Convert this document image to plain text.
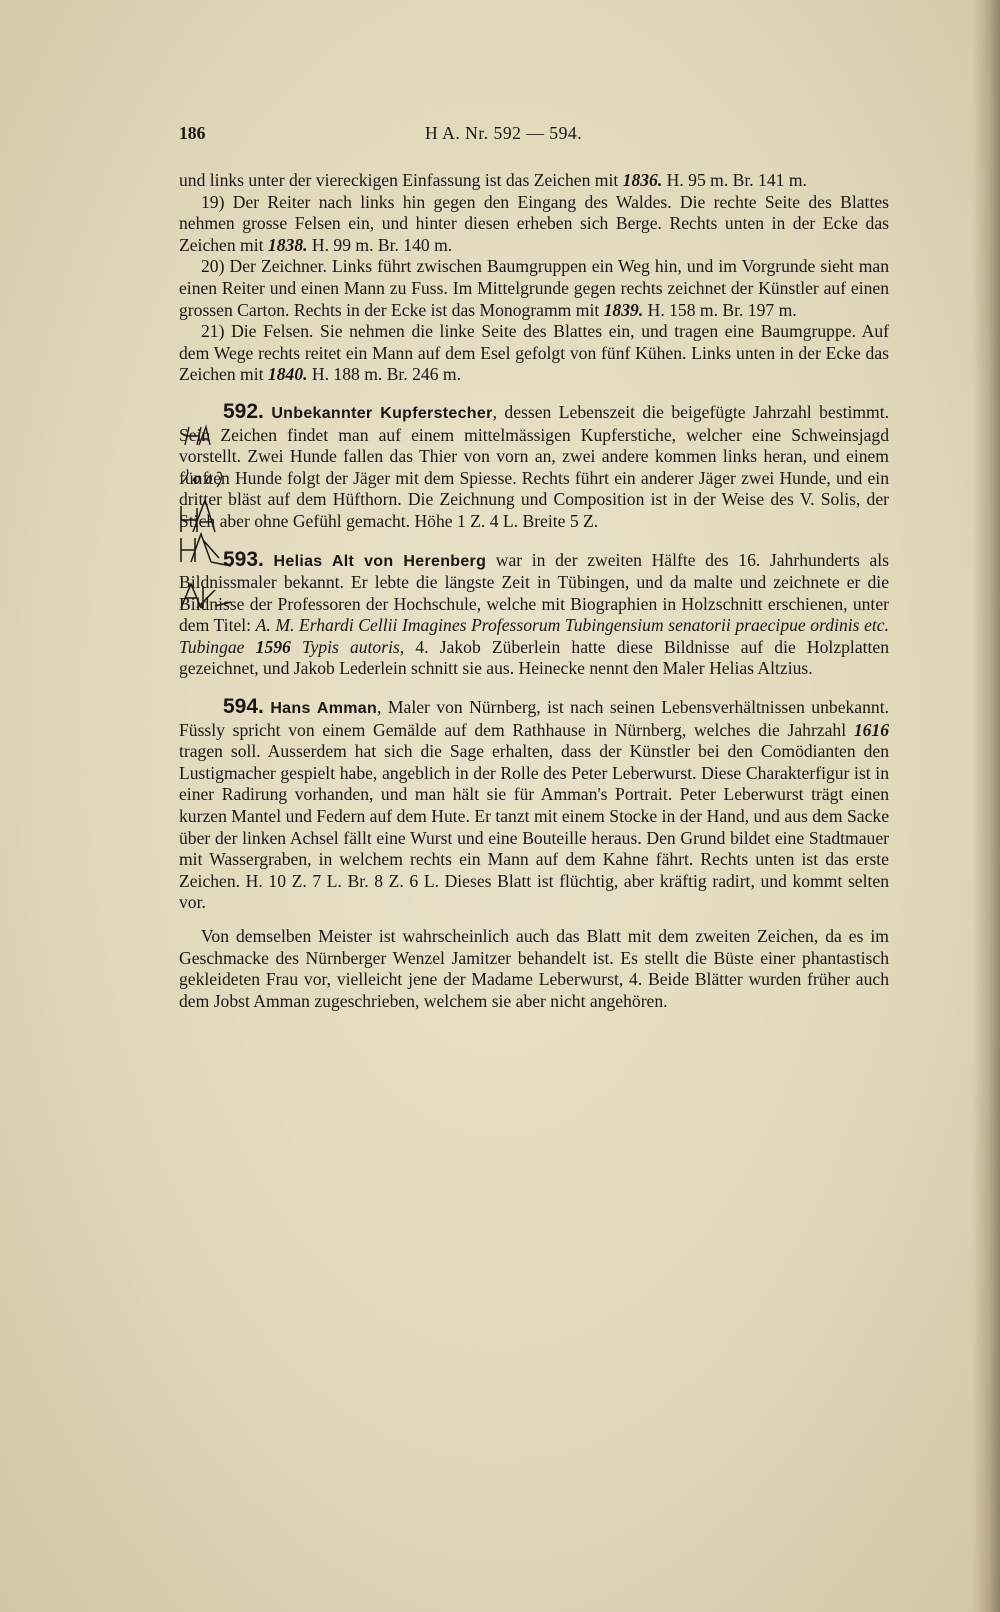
186	H A. Nr. 592 — 594.

und links unter der viereckigen Einfassung ist das Zeichen mit 1836. H. 95 m. Br. 141 m.

19) Der Reiter nach links hin gegen den Eingang des Waldes. Die rechte Seite des Blattes nehmen grosse Felsen ein, und hinter diesen erheben sich Berge. Rechts unten in der Ecke das Zeichen mit 1838. H. 99 m. Br. 140 m.

20) Der Zeichner. Links führt zwischen Baumgruppen ein Weg hin, und im Vorgrunde sieht man einen Reiter und einen Mann zu Fuss. Im Mittelgrunde gegen rechts zeichnet der Künstler auf einen grossen Carton. Rechts in der Ecke ist das Monogramm mit 1839. H. 158 m. Br. 197 m.

21) Die Felsen. Sie nehmen die linke Seite des Blattes ein, und tragen eine Baumgruppe. Auf dem Wege rechts reitet ein Mann auf dem Esel gefolgt von fünf Kühen. Links unten in der Ecke das Zeichen mit 1840. H. 188 m. Br. 246 m.

592. Unbekannter Kupferstecher, dessen Lebenszeit die beigefügte Jahrzahl bestimmt. Sein Zeichen findet man auf einem mittelmässigen Kupferstiche, welcher eine Schweinsjagd vorstellt. Zwei Hunde fallen das Thier von vorn an, zwei andere kommen links heran, und einem fünften Hunde folgt der Jäger mit dem Spiesse. Rechts führt ein anderer Jäger zwei Hunde, und ein dritter bläst auf dem Hüfthorn. Die Zeichnung und Composition ist in der Weise des V. Solis, der Stich aber ohne Gefühl gemacht. Höhe 1 Z. 4 L. Breite 5 Z.

593. Helias Alt von Herenberg war in der zweiten Hälfte des 16. Jahrhunderts als Bildnissmaler bekannt. Er lebte die längste Zeit in Tübingen, und da malte und zeichnete er die Bildnisse der Professoren der Hochschule, welche mit Biographien in Holzschnitt erschienen, unter dem Titel: A. M. Erhardi Cellii Imagines Professorum Tubingensium senatorii praecipue ordinis etc. Tubingae 1596 Typis autoris, 4. Jakob Züberlein hatte diese Bildnisse auf die Holzplatten gezeichnet, und Jakob Lederlein schnitt sie aus. Heinecke nennt den Maler Helias Altzius.

594. Hans Amman, Maler von Nürnberg, ist nach seinen Lebensverhältnissen unbekannt. Füssly spricht von einem Gemälde auf dem Rathhause in Nürnberg, welches die Jahrzahl 1616 tragen soll. Ausserdem hat sich die Sage erhalten, dass der Künstler bei den Comödianten den Lustigmacher gespielt habe, angeblich in der Rolle des Peter Leberwurst. Diese Charakterfigur ist in einer Radirung vorhanden, und man hält sie für Amman's Portrait. Peter Leberwurst trägt einen kurzen Mantel und Federn auf dem Hute. Er tanzt mit einem Stocke in der Hand, und aus dem Sacke über der linken Achsel fällt eine Wurst und eine Bouteille heraus. Den Grund bildet eine Stadtmauer mit Wassergraben, in welchem rechts ein Mann auf dem Kahne fährt. Rechts unten ist das erste Zeichen. H. 10 Z. 7 L. Br. 8 Z. 6 L. Dieses Blatt ist flüchtig, aber kräftig radirt, und kommt selten vor.

Von demselben Meister ist wahrscheinlich auch das Blatt mit dem zweiten Zeichen, da es im Geschmacke des Nürnberger Wenzel Jamitzer behandelt ist. Es stellt die Büste einer phantastisch gekleideten Frau vor, vielleicht jene der Madame Leberwurst, 4. Beide Blätter wurden früher auch dem Jobst Amman zugeschrieben, welchem sie aber nicht angehören.
